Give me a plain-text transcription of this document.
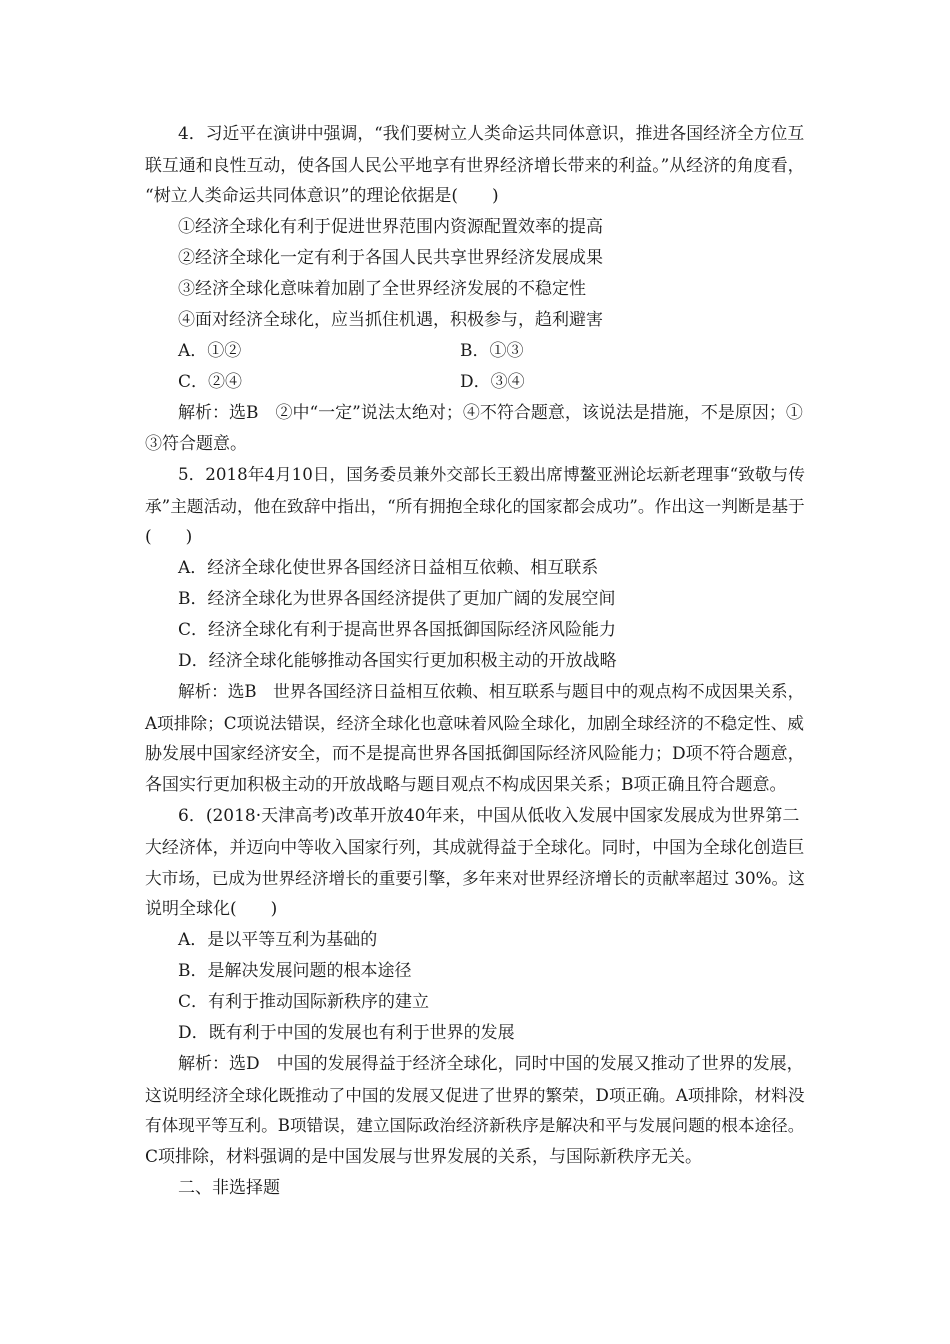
4．习近平在演讲中强调，“我们要树立人类命运共同体意识，推进各国经济全方位互
联互通和良性互动，使各国人民公平地享有世界经济增长带来的利益。”从经济的角度看，
“树立人类命运共同体意识”的理论依据是(　　)
①经济全球化有利于促进世界范围内资源配置效率的提高
②经济全球化一定有利于各国人民共享世界经济发展成果
③经济全球化意味着加剧了全世界经济发展的不稳定性
④面对经济全球化，应当抓住机遇，积极参与，趋利避害
A．①②	B．①③
C．②④	D．③④
解析：选B　②中“一定”说法太绝对；④不符合题意，该说法是措施，不是原因；①
③符合题意。
5．2018年4月10日，国务委员兼外交部长王毅出席博鳌亚洲论坛新老理事“致敬与传
承”主题活动，他在致辞中指出，“所有拥抱全球化的国家都会成功”。作出这一判断是基于
(　　)
A．经济全球化使世界各国经济日益相互依赖、相互联系
B．经济全球化为世界各国经济提供了更加广阔的发展空间
C．经济全球化有利于提高世界各国抵御国际经济风险能力
D．经济全球化能够推动各国实行更加积极主动的开放战略
解析：选B　世界各国经济日益相互依赖、相互联系与题目中的观点构不成因果关系，
A项排除；C项说法错误，经济全球化也意味着风险全球化，加剧全球经济的不稳定性、威
胁发展中国家经济安全，而不是提高世界各国抵御国际经济风险能力；D项不符合题意，
各国实行更加积极主动的开放战略与题目观点不构成因果关系；B项正确且符合题意。
6．(2018·天津高考)改革开放40年来，中国从低收入发展中国家发展成为世界第二
大经济体，并迈向中等收入国家行列，其成就得益于全球化。同时，中国为全球化创造巨
大市场，已成为世界经济增长的重要引擎，多年来对世界经济增长的贡献率超过 30%。这
说明全球化(　　)
A．是以平等互利为基础的
B．是解决发展问题的根本途径
C．有利于推动国际新秩序的建立
D．既有利于中国的发展也有利于世界的发展
解析：选D　中国的发展得益于经济全球化，同时中国的发展又推动了世界的发展，
这说明经济全球化既推动了中国的发展又促进了世界的繁荣，D项正确。A项排除，材料没
有体现平等互利。B项错误，建立国际政治经济新秩序是解决和平与发展问题的根本途径。
C项排除，材料强调的是中国发展与世界发展的关系，与国际新秩序无关。
二、非选择题
